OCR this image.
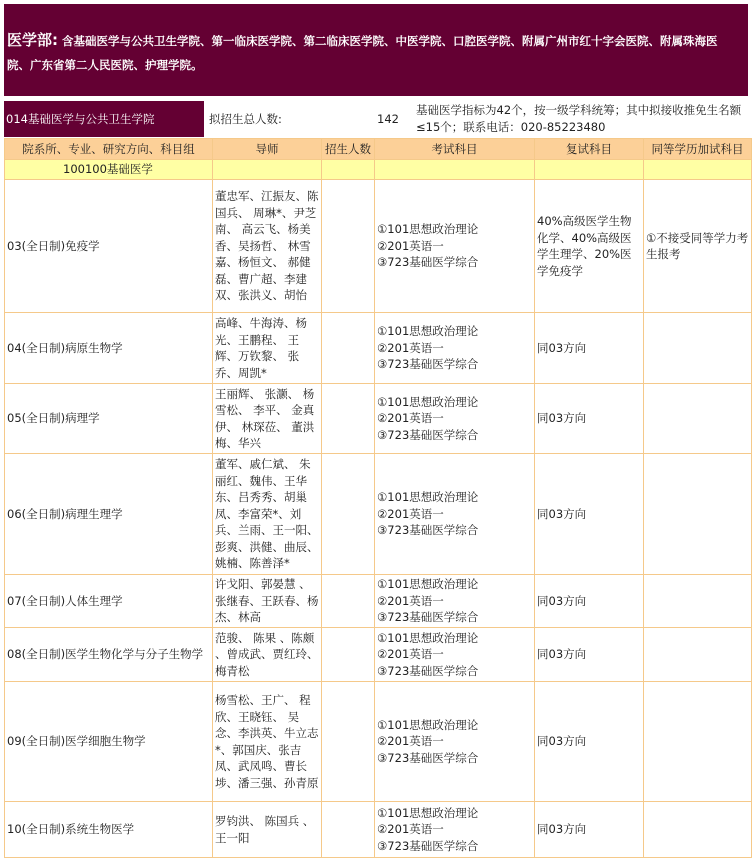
医学部: 含基础医学与公共卫生学院、第一临床医学院、第二临床医学院、中医学院、口腔医学院、附属广州市红十字会医院、附属珠海医院、广东省第二人民医院、护理学院。
014基础医学与公共卫生学院	拟招生总人数:	142
基础医学指标为42个，按一级学科统筹；其中拟接收推免生名额≤15个；联系电话：020-85223480
院系所、专业、研究方向、科目组	导师	招生人数	考试科目	复试科目	同等学历加试科目
100100基础医学					
03(全日制)免疫学	董忠军、江振友、陈国兵、 周琳*、尹芝南、 高云飞、杨美香、吴扬哲、 林雪嘉、杨恒文、 郝健磊、曹广超、李建双、张洪义、胡怡		①101思想政治理论
②201英语一
③723基础医学综合	40%高级医学生物化学、40%高级医学生理学、20%医学免疫学	①不接受同等学力考生报考
04(全日制)病原生物学	高峰、牛海涛、杨光、王鹏程、 王辉、万钦黎、 张乔、周凯*		①101思想政治理论
②201英语一
③723基础医学综合	同03方向	
05(全日制)病理学	王丽辉、 张灏、 杨雪松、 李平、 金真伊、 林琛莅、 董洪梅、华兴		①101思想政治理论
②201英语一
③723基础医学综合	同03方向	
06(全日制)病理生理学	董军、戚仁斌、 朱丽红、魏伟、王华东、吕秀秀、胡巢凤、李富荣*、刘兵、兰雨、王一阳、彭爽、洪健、曲辰、姚楠、陈善泽*		①101思想政治理论
②201英语一
③723基础医学综合	同03方向	
07(全日制)人体生理学	许戈阳、郭晏慧 、张继春、王跃春、杨杰、林高		①101思想政治理论
②201英语一
③723基础医学综合	同03方向	
08(全日制)医学生物化学与分子生物学	范骏、 陈果 、陈颇 、曾成武、贾红玲、梅青松		①101思想政治理论
②201英语一
③723基础医学综合	同03方向	
09(全日制)医学细胞生物学	杨雪松、王广、 程欣、王晓钰、 吴念、李洪英、牛立志*、郭国庆、张吉凤、武凤鸣、曹长埗、潘三强、孙青原		①101思想政治理论
②201英语一
③723基础医学综合	同03方向	
10(全日制)系统生物医学	罗钧洪、 陈国兵 、王一阳		①101思想政治理论
②201英语一
③723基础医学综合	同03方向	
